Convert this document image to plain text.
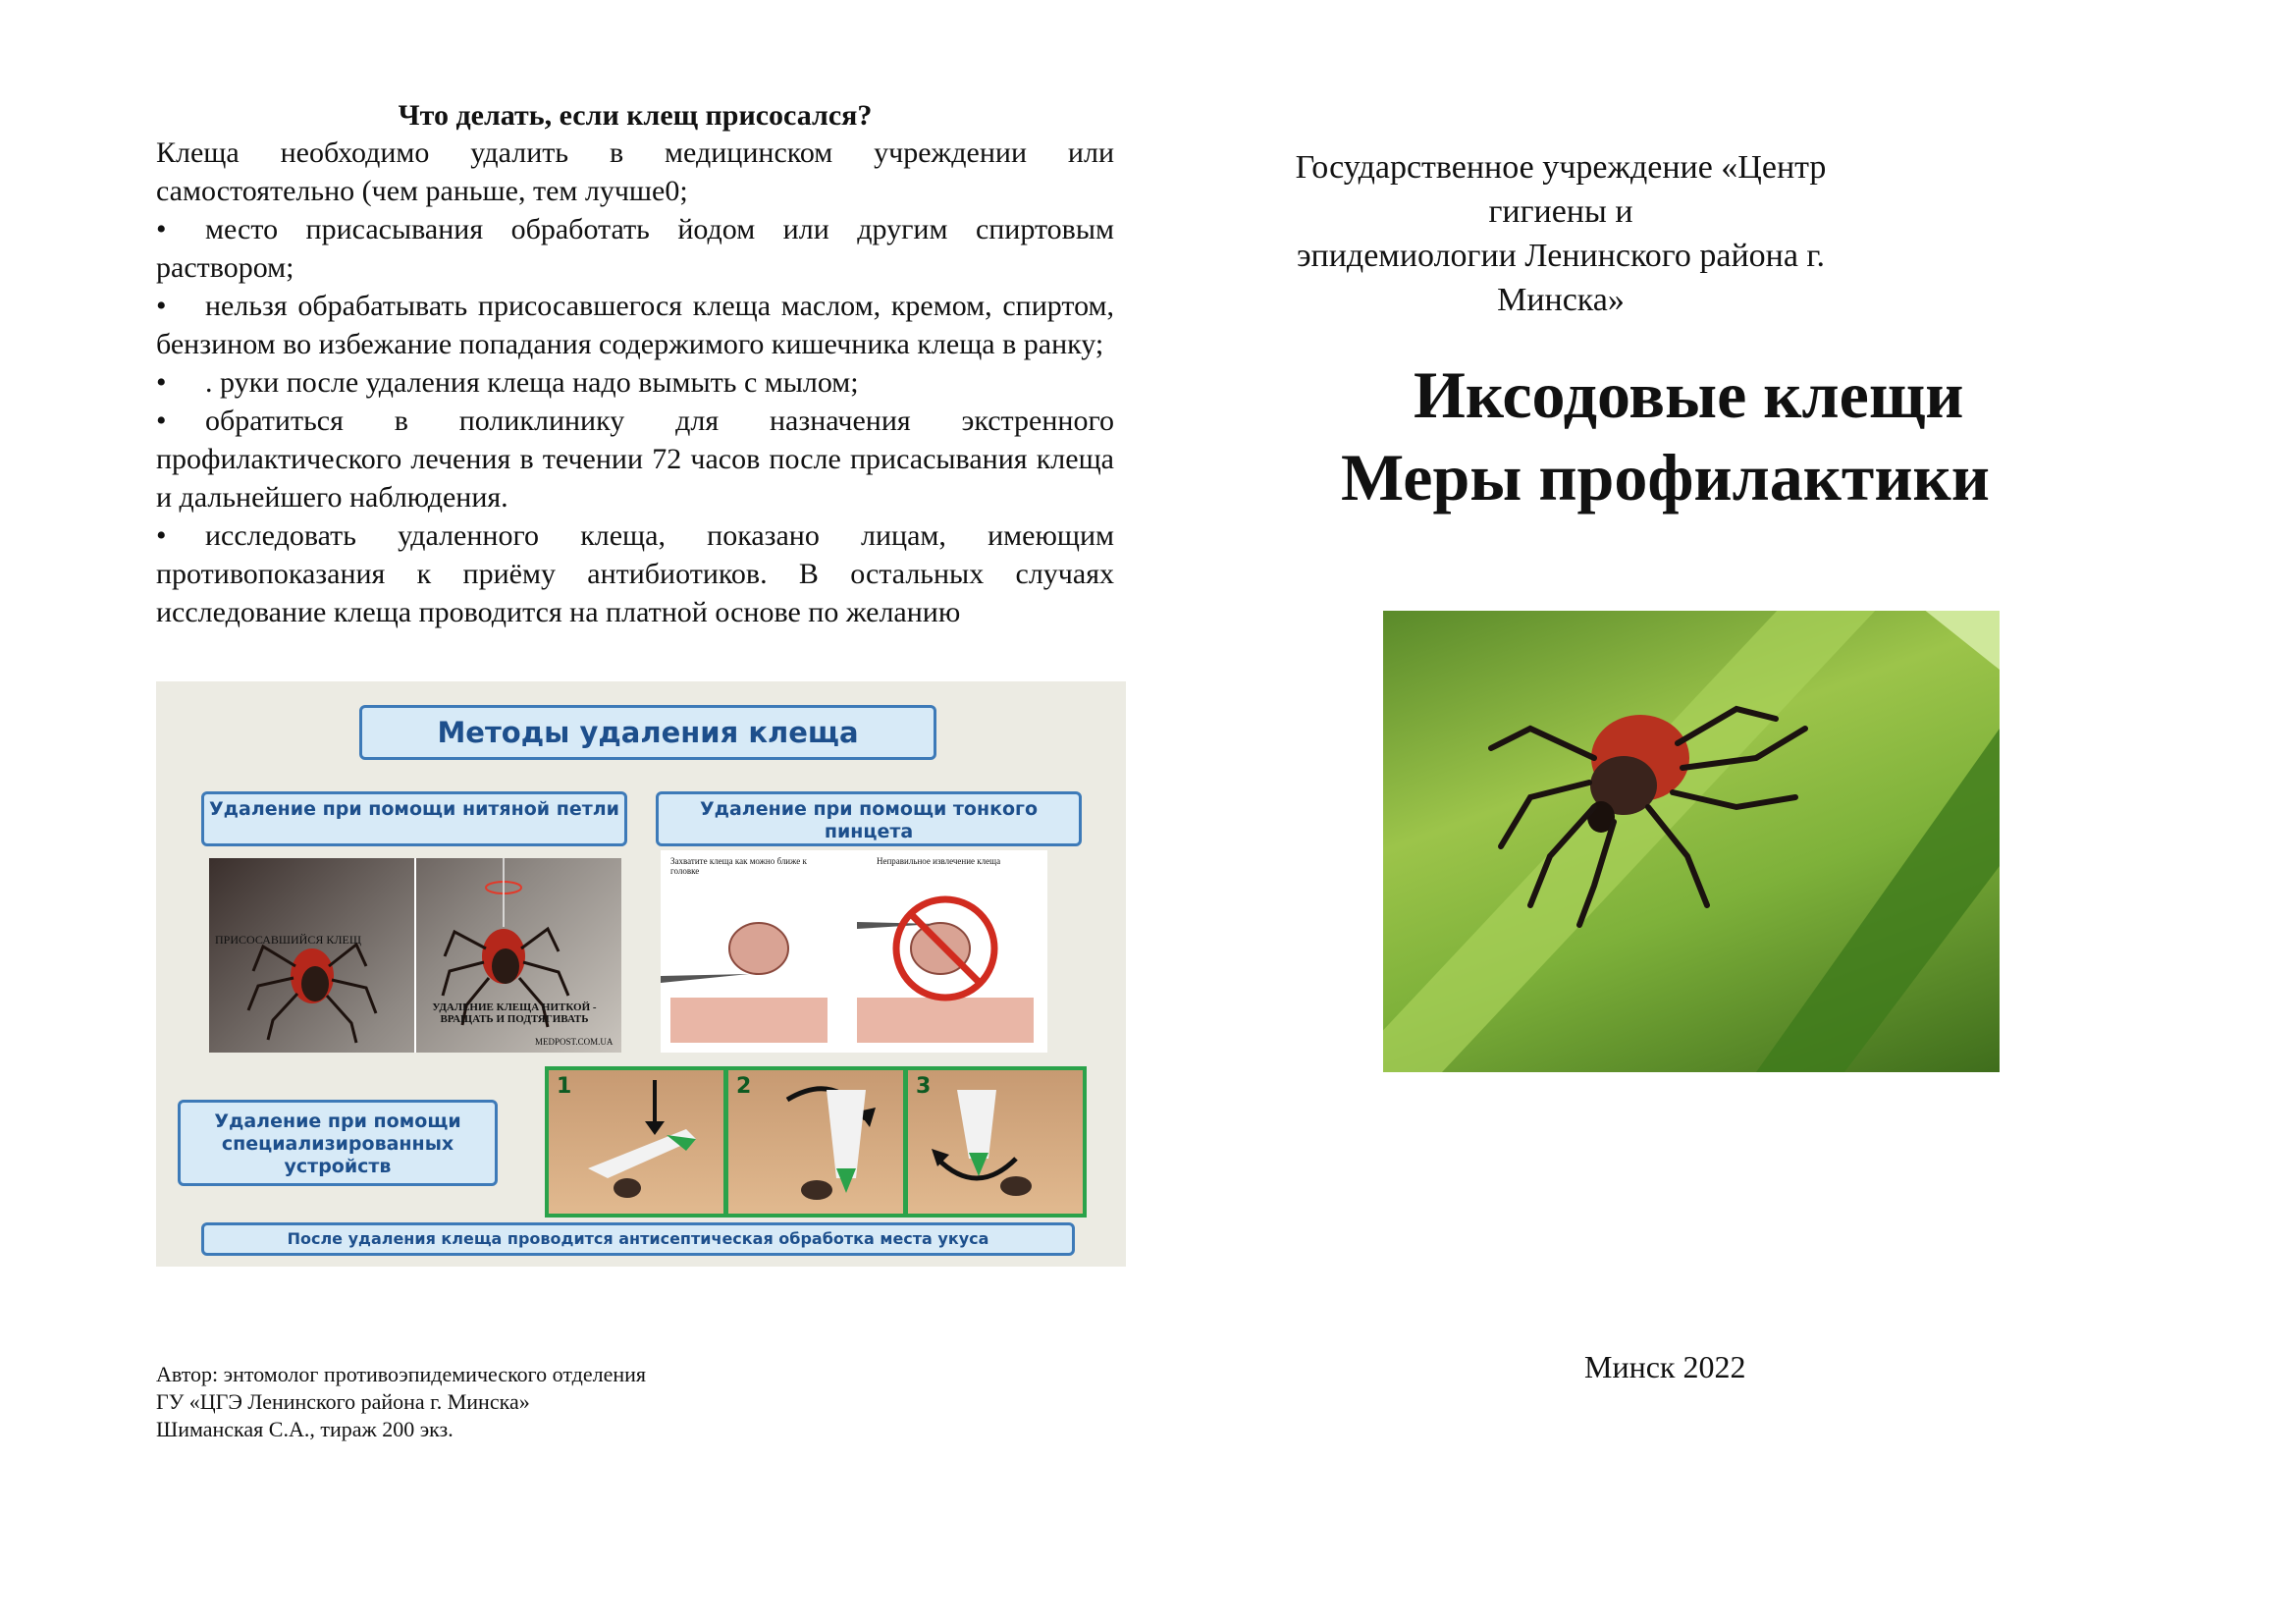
Что делать, если клещ присосался?

Клеща необходимо удалить в медицинском учреждении или самостоятельно (чем раньше, тем лучше0;

• место присасывания обработать йодом или другим спиртовым раствором;

• нельзя обрабатывать присосавшегося клеща маслом, кремом, спиртом, бензином во избежание попадания содержимого кишечника клеща в ранку;

• . руки после удаления клеща надо вымыть с мылом;

• обратиться в поликлинику для назначения экстренного профилактического лечения в течении 72 часов после присасывания клеща и дальнейшего наблюдения.

• исследовать удаленного клеща, показано лицам, имеющим противопоказания к приёму антибиотиков. В остальных случаях исследование клеща проводится на платной основе по желанию

Методы удаления клеща
Удаление при помощи нитяной петли	Удаление при помощи тонкого пинцета
ПРИСОСАВШИЙСЯ КЛЕЩ
УДАЛЕНИЕ КЛЕЩА НИТКОЙ - ВРАЩАТЬ И ПОДТЯГИВАТЬ
MEDPOST.COM.UA
Захватите клеща как можно ближе к головке
Неправильное извлечение клеща
Удаление при помощи специализированных устройств
1	2	3
После удаления клеща проводится антисептическая обработка места укуса
Автор: энтомолог противоэпидемического отделения
ГУ «ЦГЭ Ленинского района г. Минска»
Шиманская С.А., тираж 200 экз.
Государственное учреждение «Центр гигиены и
эпидемиологии Ленинского района г. Минска»
Иксодовые клещи
Меры профилактики
Минск 2022
